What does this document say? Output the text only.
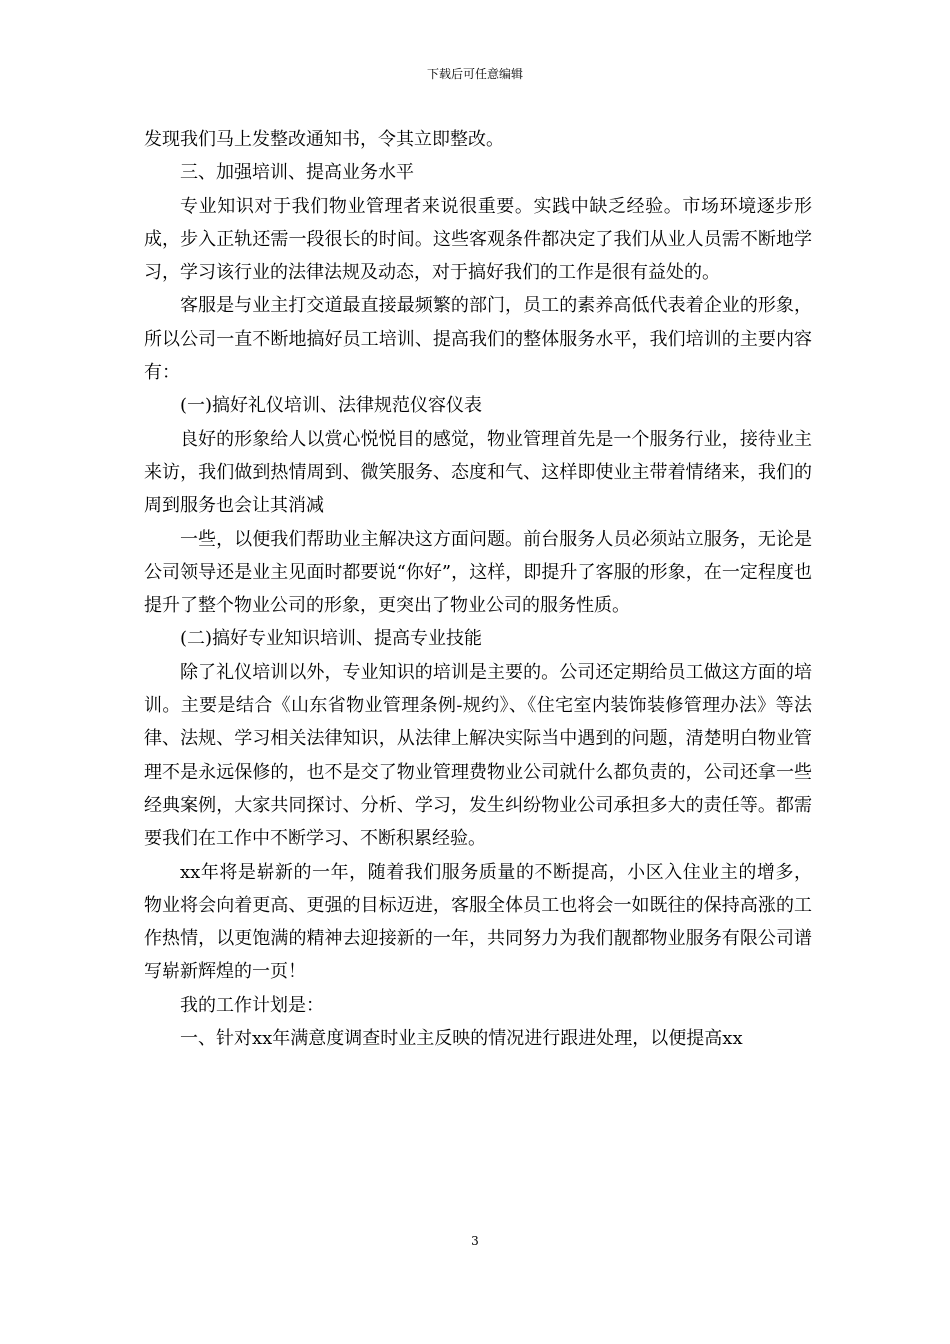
下载后可任意编辑

发现我们马上发整改通知书，令其立即整改。

三、加强培训、提高业务水平

专业知识对于我们物业管理者来说很重要。实践中缺乏经验。市场环境逐步形成，步入正轨还需一段很长的时间。这些客观条件都决定了我们从业人员需不断地学习，学习该行业的法律法规及动态，对于搞好我们的工作是很有益处的。

客服是与业主打交道最直接最频繁的部门，员工的素养高低代表着企业的形象，所以公司一直不断地搞好员工培训、提高我们的整体服务水平，我们培训的主要内容有：

(一)搞好礼仪培训、法律规范仪容仪表

良好的形象给人以赏心悦悦目的感觉，物业管理首先是一个服务行业，接待业主来访，我们做到热情周到、微笑服务、态度和气、这样即使业主带着情绪来，我们的周到服务也会让其消减

一些，以便我们帮助业主解决这方面问题。前台服务人员必须站立服务，无论是公司领导还是业主见面时都要说“你好”，这样，即提升了客服的形象，在一定程度也提升了整个物业公司的形象，更突出了物业公司的服务性质。

(二)搞好专业知识培训、提高专业技能

除了礼仪培训以外，专业知识的培训是主要的。公司还定期给员工做这方面的培训。主要是结合《山东省物业管理条例-规约》、《住宅室内装饰装修管理办法》等法律、法规、学习相关法律知识，从法律上解决实际当中遇到的问题，清楚明白物业管理不是永远保修的，也不是交了物业管理费物业公司就什么都负责的，公司还拿一些经典案例，大家共同探讨、分析、学习，发生纠纷物业公司承担多大的责任等。都需要我们在工作中不断学习、不断积累经验。

xx年将是崭新的一年，随着我们服务质量的不断提高，小区入住业主的增多，物业将会向着更高、更强的目标迈进，客服全体员工也将会一如既往的保持高涨的工作热情，以更饱满的精神去迎接新的一年，共同努力为我们靓都物业服务有限公司谱写崭新辉煌的一页！

我的工作计划是：

一、针对xx年满意度调查时业主反映的情况进行跟进处理，以便提高xx

3
